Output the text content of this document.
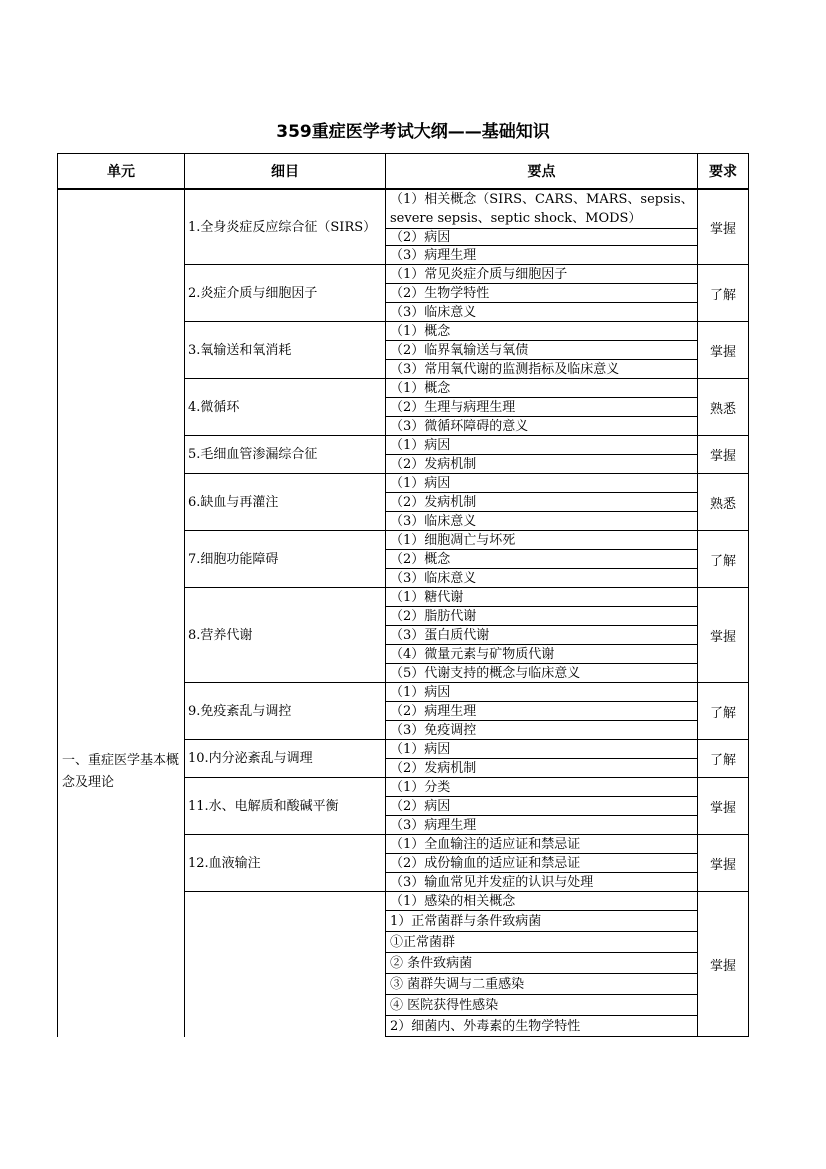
359重症医学考试大纲——基础知识
单元	细目	要点	要求
一、重症医学基本概念及理论	1.全身炎症反应综合征（SIRS）	（1）相关概念（SIRS、CARS、MARS、sepsis、severe sepsis、septic shock、MODS）	掌握
		（2）病因	
		（3）病理生理	
	2.炎症介质与细胞因子	（1）常见炎症介质与细胞因子	了解
		（2）生物学特性	
		（3）临床意义	
	3.氧输送和氧消耗	（1）概念	掌握
		（2）临界氧输送与氧债	
		（3）常用氧代谢的监测指标及临床意义	
	4.微循环	（1）概念	熟悉
		（2）生理与病理生理	
		（3）微循环障碍的意义	
	5.毛细血管渗漏综合征	（1）病因	掌握
		（2）发病机制	
	6.缺血与再灌注	（1）病因	熟悉
		（2）发病机制	
		（3）临床意义	
	7.细胞功能障碍	（1）细胞凋亡与坏死	了解
		（2）概念	
		（3）临床意义	
	8.营养代谢	（1）糖代谢	掌握
		（2）脂肪代谢	
		（3）蛋白质代谢	
		（4）微量元素与矿物质代谢	
		（5）代谢支持的概念与临床意义	
	9.免疫紊乱与调控	（1）病因	了解
		（2）病理生理	
		（3）免疫调控	
	10.内分泌紊乱与调理	（1）病因	了解
		（2）发病机制	
	11.水、电解质和酸碱平衡	（1）分类	掌握
		（2）病因	
		（3）病理生理	
	12.血液输注	（1）全血输注的适应证和禁忌证	掌握
		（2）成份输血的适应证和禁忌证	
		（3）输血常见并发症的认识与处理	
		（1）感染的相关概念	掌握
		1）正常菌群与条件致病菌	
		①正常菌群	
		② 条件致病菌	
		③ 菌群失调与二重感染	
		④ 医院获得性感染	
		2）细菌内、外毒素的生物学特性	
